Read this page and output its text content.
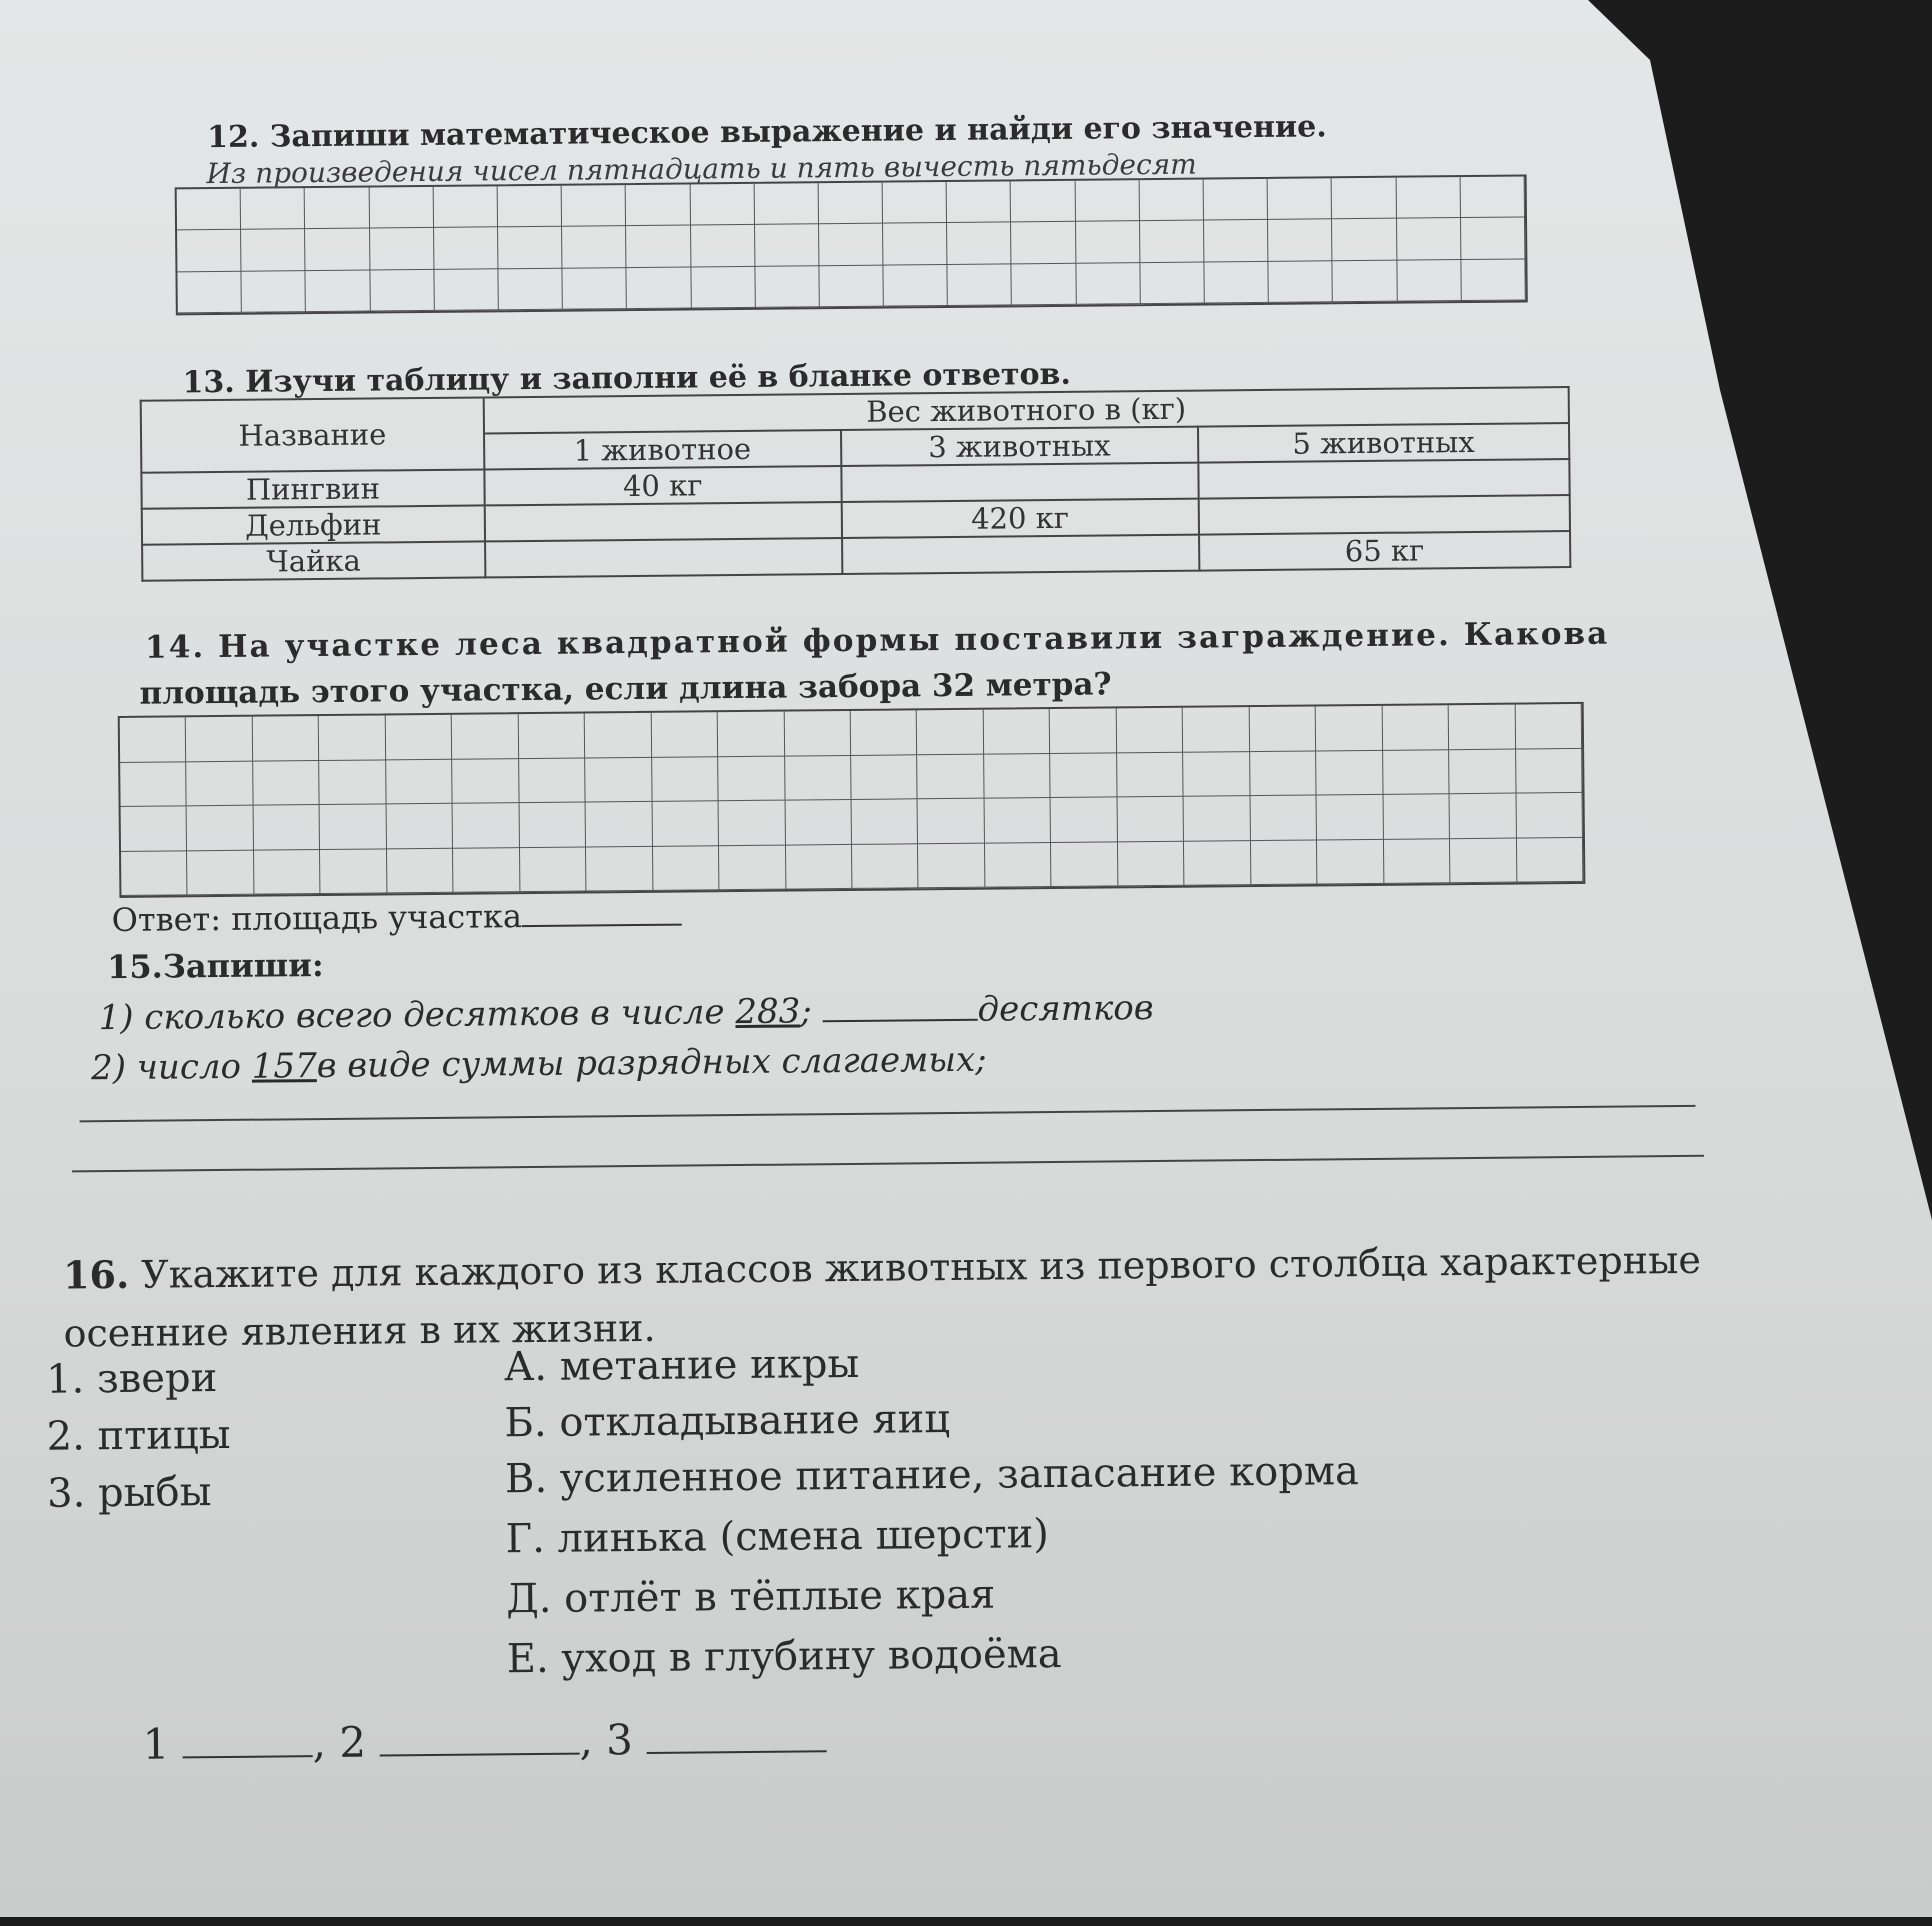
12. Запиши математическое выражение и найди его значение.
Из произведения чисел пятнадцать и пять вычесть пятьдесят
13. Изучи таблицу и заполни её в бланке ответов.
Название	Вес животного в (кг)		
	1 животное	3 животных	5 животных
Пингвин	40 кг		
Дельфин		420 кг	
Чайка			65 кг
14. На участке леса квадратной формы поставили заграждение. Какова
площадь этого участка, если длина забора 32 метра?
Ответ: площадь участка
15.Запиши:
1) сколько всего десятков в числе 283;	десятков
2) число 157в виде суммы разрядных слагаемых;
16. Укажите для каждого из классов животных из первого столбца характерные осенние явления в их жизни.
1. звери
2. птицы
3. рыбы
А. метание икры
Б. откладывание яиц
В. усиленное питание, запасание корма
Г. линька (смена шерсти)
Д. отлёт в тёплые края
Е. уход в глубину водоёма
1	, 2	, 3
